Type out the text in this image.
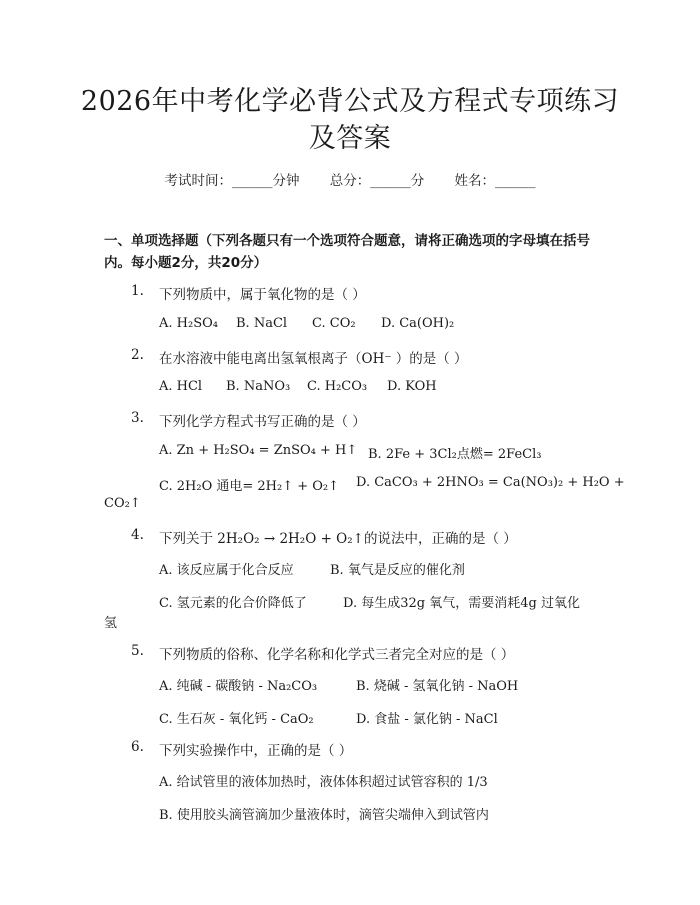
2026年中考化学必背公式及方程式专项练习
及答案
考试时间：______分钟 总分：______分 姓名：______
一、单项选择题（下列各题只有一个选项符合题意，请将正确选项的字母填在括号内。每小题2分，共20分）
1. 下列物质中，属于氧化物的是（ ）
A. H₂SO₄ B. NaCl C. CO₂ D. Ca(OH)₂
2. 在水溶液中能电离出氢氧根离子（OH⁻ ）的是（ ）
A. HCl B. NaNO₃ C. H₂CO₃ D. KOH
3. 下列化学方程式书写正确的是（ ）
A. Zn + H₂SO₄ = ZnSO₄ + H↑ B. 2Fe + 3Cl₂点燃= 2FeCl₃
C. 2H₂O 通电= 2H₂↑ + O₂↑ D. CaCO₃ + 2HNO₃ = Ca(NO₃)₂ + H₂O +
CO₂↑
4. 下列关于 2H₂O₂ → 2H₂O + O₂↑的说法中，正确的是（ ）
A. 该反应属于化合反应	B. 氧气是反应的催化剂
C. 氢元素的化合价降低了	D. 每生成32g 氧气，需要消耗4g 过氧化
氢
5. 下列物质的俗称、化学名称和化学式三者完全对应的是（ ）
A. 纯碱 - 碳酸钠 - Na₂CO₃	B. 烧碱 - 氢氧化钠 - NaOH
C. 生石灰 - 氧化钙 - CaO₂	D. 食盐 - 氯化钠 - NaCl
6. 下列实验操作中，正确的是（ ）
A. 给试管里的液体加热时，液体体积超过试管容积的 1/3
B. 使用胶头滴管滴加少量液体时，滴管尖端伸入到试管内
